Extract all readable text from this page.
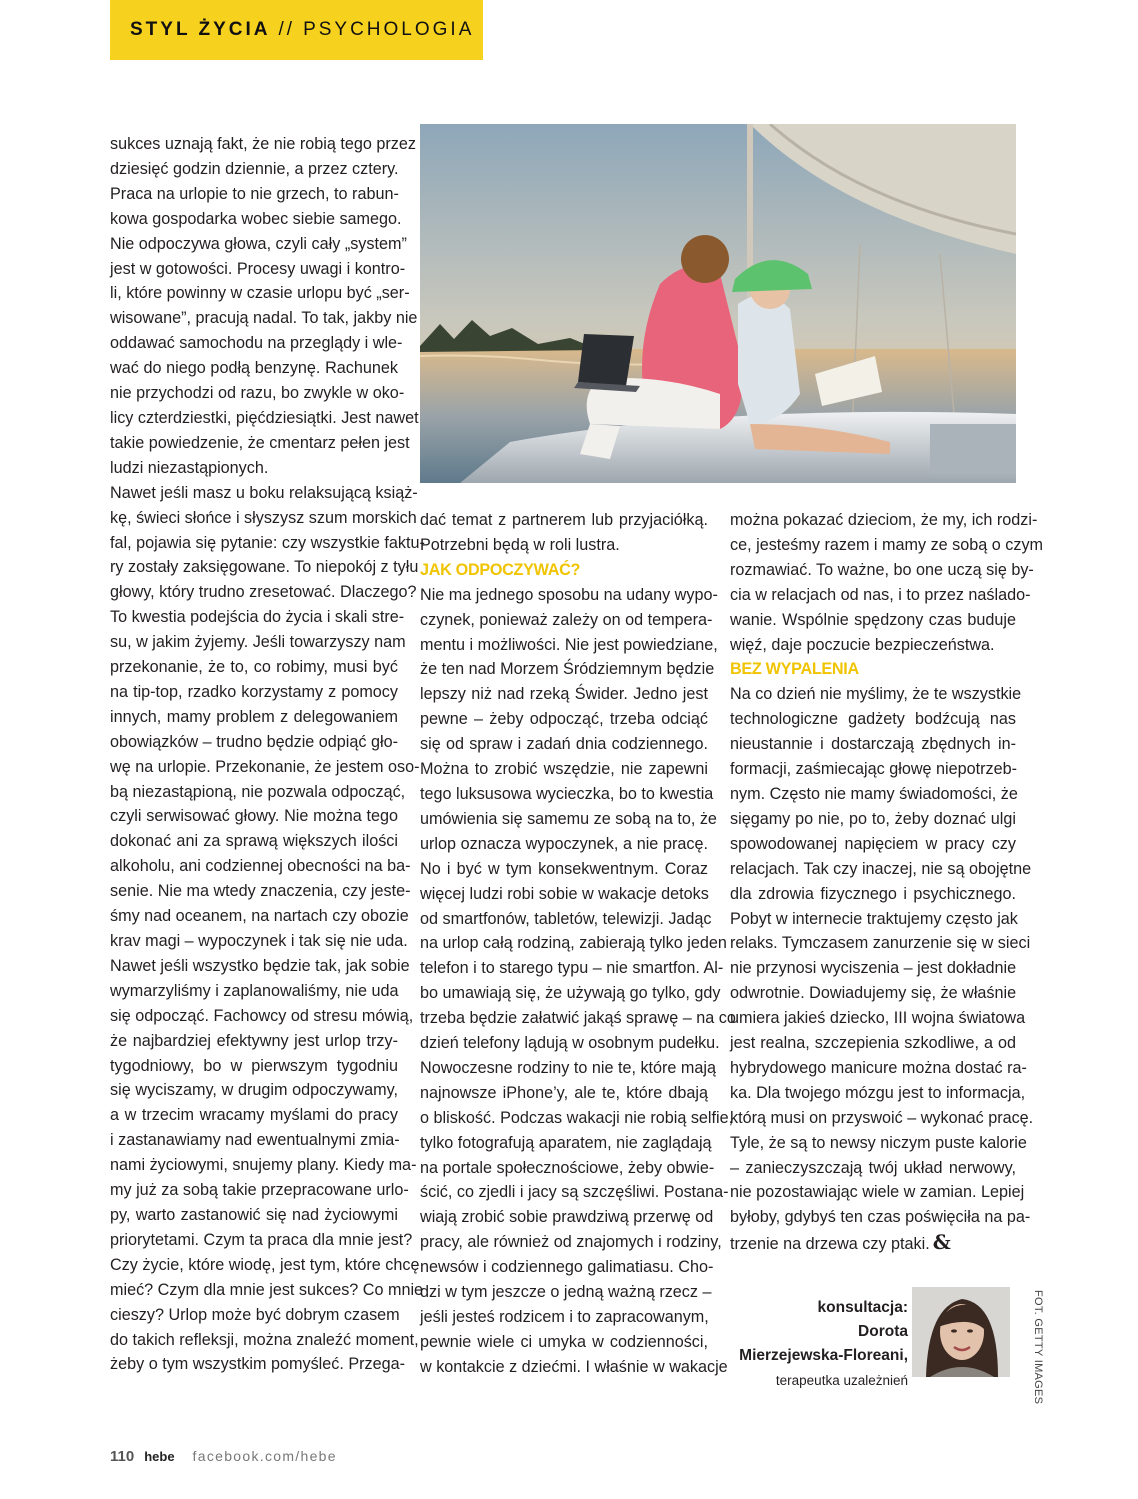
STYL ŻYCIA // PSYCHOLOGIA

sukces uznają fakt, że nie robią tego przez
dziesięć godzin dziennie, a przez cztery.
Praca na urlopie to nie grzech, to rabun-
kowa gospodarka wobec siebie samego.
Nie odpoczywa głowa, czyli cały „system”
jest w gotowości. Procesy uwagi i kontro-
li, które powinny w czasie urlopu być „ser-
wisowane”, pracują nadal. To tak, jakby nie
oddawać samochodu na przeglądy i wle-
wać do niego podłą benzynę. Rachunek
nie przychodzi od razu, bo zwykle w oko-
licy czterdziestki, pięćdziesiątki. Jest nawet
takie powiedzenie, że cmentarz pełen jest
ludzi niezastąpionych.

Nawet jeśli masz u boku relaksującą książ-
kę, świeci słońce i słyszysz szum morskich
fal, pojawia się pytanie: czy wszystkie faktu-
ry zostały zaksięgowane. To niepokój z tyłu
głowy, który trudno zresetować. Dlaczego?
To kwestia podejścia do życia i skali stre-
su, w jakim żyjemy. Jeśli towarzyszy nam
przekonanie, że to, co robimy, musi być
na tip-top, rzadko korzystamy z pomocy
innych, mamy problem z delegowaniem
obowiązków – trudno będzie odpiąć gło-
wę na urlopie. Przekonanie, że jestem oso-
bą niezastąpioną, nie pozwala odpocząć,
czyli serwisować głowy. Nie można tego
dokonać ani za sprawą większych ilości
alkoholu, ani codziennej obecności na ba-
senie. Nie ma wtedy znaczenia, czy jeste-
śmy nad oceanem, na nartach czy obozie
krav magi – wypoczynek i tak się nie uda.
Nawet jeśli wszystko będzie tak, jak sobie
wymarzyliśmy i zaplanowaliśmy, nie uda
się odpocząć. Fachowcy od stresu mówią,
że najbardziej efektywny jest urlop trzy-
tygodniowy, bo w pierwszym tygodniu
się wyciszamy, w drugim odpoczywamy,
a w trzecim wracamy myślami do pracy
i zastanawiamy nad ewentualnymi zmia-
nami życiowymi, snujemy plany. Kiedy ma-
my już za sobą takie przepracowane urlo-
py, warto zastanowić się nad życiowymi
priorytetami. Czym ta praca dla mnie jest?
Czy życie, które wiodę, jest tym, które chcę
mieć? Czym dla mnie jest sukces? Co mnie
cieszy? Urlop może być dobrym czasem
do takich refleksji, można znaleźć moment,
żeby o tym wszystkim pomyśleć. Przega-

dać temat z partnerem lub przyjaciółką.
Potrzebni będą w roli lustra.

JAK ODPOCZYWAĆ?

Nie ma jednego sposobu na udany wypo-
czynek, ponieważ zależy on od tempera-
mentu i możliwości. Nie jest powiedziane,
że ten nad Morzem Śródziemnym będzie
lepszy niż nad rzeką Świder. Jedno jest
pewne – żeby odpocząć, trzeba odciąć
się od spraw i zadań dnia codziennego.
Można to zrobić wszędzie, nie zapewni
tego luksusowa wycieczka, bo to kwestia
umówienia się samemu ze sobą na to, że
urlop oznacza wypoczynek, a nie pracę.
No i być w tym konsekwentnym. Coraz
więcej ludzi robi sobie w wakacje detoks
od smartfonów, tabletów, telewizji. Jadąc
na urlop całą rodziną, zabierają tylko jeden
telefon i to starego typu – nie smartfon. Al-
bo umawiają się, że używają go tylko, gdy
trzeba będzie załatwić jakąś sprawę – na co
dzień telefony lądują w osobnym pudełku.
Nowoczesne rodziny to nie te, które mają
najnowsze iPhone’y, ale te, które dbają
o bliskość. Podczas wakacji nie robią selfie,
tylko fotografują aparatem, nie zaglądają
na portale społecznościowe, żeby obwie-
ścić, co zjedli i jacy są szczęśliwi. Postana-
wiają zrobić sobie prawdziwą przerwę od
pracy, ale również od znajomych i rodziny,
newsów i codziennego galimatiasu. Cho-
dzi w tym jeszcze o jedną ważną rzecz –
jeśli jesteś rodzicem i to zapracowanym,
pewnie wiele ci umyka w codzienności,
w kontakcie z dziećmi. I właśnie w wakacje

można pokazać dzieciom, że my, ich rodzi-
ce, jesteśmy razem i mamy ze sobą o czym
rozmawiać. To ważne, bo one uczą się by-
cia w relacjach od nas, i to przez naślado-
wanie. Wspólnie spędzony czas buduje
więź, daje poczucie bezpieczeństwa.

BEZ WYPALENIA

Na co dzień nie myślimy, że te wszystkie
technologiczne gadżety bodźcują nas
nieustannie i dostarczają zbędnych in-
formacji, zaśmiecając głowę niepotrzeb-
nym. Często nie mamy świadomości, że
sięgamy po nie, po to, żeby doznać ulgi
spowodowanej napięciem w pracy czy
relacjach. Tak czy inaczej, nie są obojętne
dla zdrowia fizycznego i psychicznego.
Pobyt w internecie traktujemy często jak
relaks. Tymczasem zanurzenie się w sieci
nie przynosi wyciszenia – jest dokładnie
odwrotnie. Dowiadujemy się, że właśnie
umiera jakieś dziecko, III wojna światowa
jest realna, szczepienia szkodliwe, a od
hybrydowego manicure można dostać ra-
ka. Dla twojego mózgu jest to informacja,
którą musi on przyswoić – wykonać pracę.
Tyle, że są to newsy niczym puste kalorie
– zanieczyszczają twój układ nerwowy,
nie pozostawiając wiele w zamian. Lepiej
byłoby, gdybyś ten czas poświęciła na pa-
trzenie na drzewa czy ptaki. &

konsultacja:
Dorota
Mierzejewska-Floreani,
terapeutka uzależnień	FOT. GETTY IMAGES
110 hebe facebook.com/hebe
